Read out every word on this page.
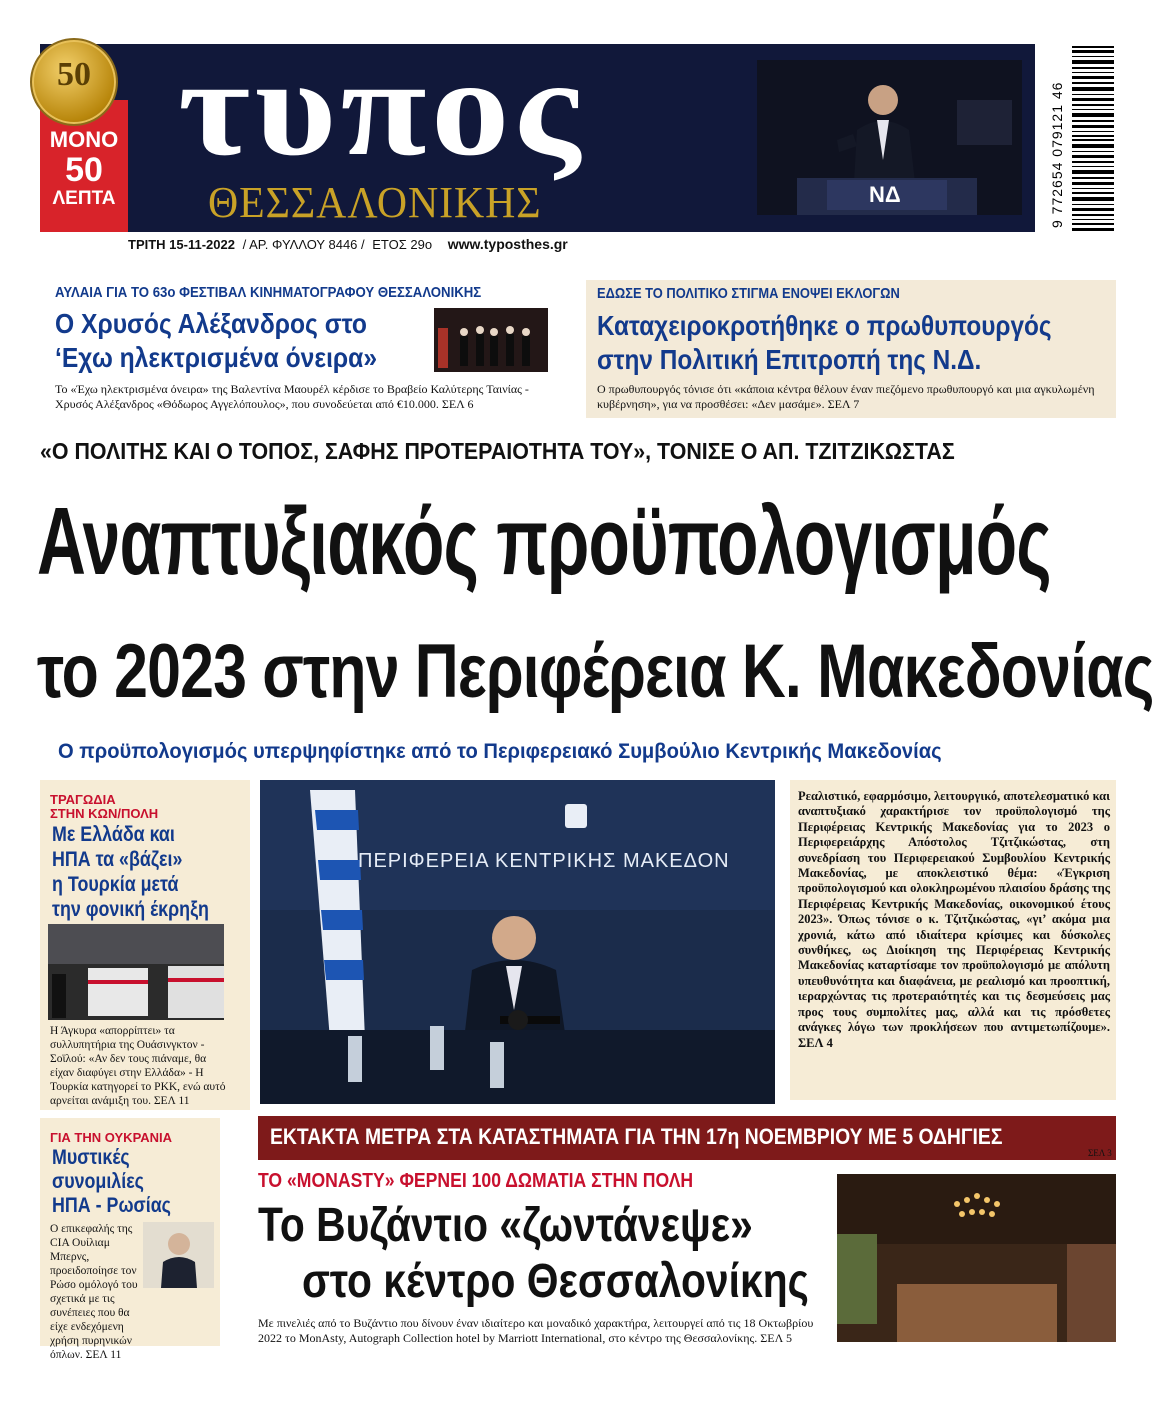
ΜΟΝΟ
50
ΛΕΠΤΑ
50 τυπος
ΘΕΣΣΑΛΟΝΙΚΗΣ	ΝΔ	9 772654 079121 46
ΤΡΙΤΗ 15-11-2022 / ΑΡ. ΦΥΛΛΟΥ 8446 / ΕΤΟΣ 29ο www.typosthes.gr
ΑΥΛΑΙΑ ΓΙΑ ΤΟ 63ο ΦΕΣΤΙΒΑΛ ΚΙΝΗΜΑΤΟΓΡΑΦΟΥ ΘΕΣΣΑΛΟΝΙΚΗΣ
Ο Χρυσός Αλέξανδρος στο
‘Εχω ηλεκτρισμένα όνειρα»
Το «Έχω ηλεκτρισμένα όνειρα» της Βαλεντίνα Μαουρέλ κέρδισε το Βραβείο Καλύτερης Ταινίας - Χρυσός Αλέξανδρος «Θόδωρος Αγγελόπουλος», που συνοδεύεται από €10.000. ΣΕΛ 6
ΕΔΩΣΕ ΤΟ ΠΟΛΙΤΙΚΟ ΣΤΙΓΜΑ ΕΝΟΨΕΙ ΕΚΛΟΓΩΝ
Καταχειροκροτήθηκε ο πρωθυπουργός
στην Πολιτική Επιτροπή της Ν.Δ.
Ο πρωθυπουργός τόνισε ότι «κάποια κέντρα θέλουν έναν πιεζόμενο πρωθυπουργό και μια αγκυλωμένη κυβέρνηση», για να προσθέσει: «Δεν μασάμε». ΣΕΛ 7
«Ο ΠΟΛΙΤΗΣ ΚΑΙ Ο ΤΟΠΟΣ, ΣΑΦΗΣ ΠΡΟΤΕΡΑΙΟΤΗΤΑ ΤΟΥ», ΤΟΝΙΣΕ Ο ΑΠ. ΤΖΙΤΖΙΚΩΣΤΑΣ
Αναπτυξιακός προϋπολογισμός
το 2023 στην Περιφέρεια Κ. Μακεδονίας
Ο προϋπολογισμός υπερψηφίστηκε από το Περιφερειακό Συμβούλιο Κεντρικής Μακεδονίας
ΤΡΑΓΩΔΙΑ
ΣΤΗΝ ΚΩΝ/ΠΟΛΗ
Με Ελλάδα και
ΗΠΑ τα «βάζει»
η Τουρκία μετά
την φονική έκρηξη
Η Άγκυρα «απορρίπτει» τα συλλυπητήρια της Ουάσινγκτον - Σοϊλού: «Αν δεν τους πιάναμε, θα είχαν διαφύγει στην Ελλάδα» - Η Τουρκία κατηγορεί το PKK, ενώ αυτό αρνείται ανάμιξη του. ΣΕΛ 11
ΓΙΑ ΤΗΝ ΟΥΚΡΑΝΙΑ
Μυστικές
συνομιλίες
ΗΠΑ - Ρωσίας
Ο επικεφαλής της CIA Ουίλιαμ Μπερνς, προειδοποίησε τον Ρώσο ομόλογό του σχετικά με τις συνέπειες που θα είχε ενδεχόμενη χρήση πυρηνικών όπλων. ΣΕΛ 11
ΠΕΡΙΦΕΡΕΙΑ ΚΕΝΤΡΙΚΗΣ ΜΑΚΕΔΟΝ
Ρεαλιστικό, εφαρμόσιμο, λειτουργικό, αποτελεσματικό και αναπτυξιακό χαρακτήρισε τον προϋπολογισμό της Περιφέρειας Κεντρικής Μακεδονίας για το 2023 ο Περιφερειάρχης Απόστολος Τζιτζικώστας, στη συνεδρίαση του Περιφερειακού Συμβουλίου Κεντρικής Μακεδονίας, με αποκλειστικό θέμα: «Έγκριση προϋπολογισμού και ολοκληρωμένου πλαισίου δράσης της Περιφέρειας Κεντρικής Μακεδονίας, οικονομικού έτους 2023». Όπως τόνισε ο κ. Τζιτζικώστας, «γι’ ακόμα μια χρονιά, κάτω από ιδιαίτερα κρίσιμες και δύσκολες συνθήκες, ως Διοίκηση της Περιφέρειας Κεντρικής Μακεδονίας καταρτίσαμε τον προϋπολογισμό με απόλυτη υπευθυνότητα και διαφάνεια, με ρεαλισμό και προοπτική, ιεραρχώντας τις προτεραιότητές και τις δεσμεύσεις μας προς τους συμπολίτες μας, αλλά και τις πρόσθετες ανάγκες λόγω των προκλήσεων που αντιμετωπίζουμε». ΣΕΛ 4
ΕΚΤΑΚΤΑ ΜΕΤΡΑ ΣΤΑ ΚΑΤΑΣΤΗΜΑΤΑ ΓΙΑ ΤΗΝ 17η ΝΟΕΜΒΡΙΟΥ ΜΕ 5 ΟΔΗΓΙΕΣ
ΣΕΛ 3
ΤΟ «MONASTY» ΦΕΡΝΕΙ 100 ΔΩΜΑΤΙΑ ΣΤΗΝ ΠΟΛΗ
Το Βυζάντιο «ζωντάνεψε»
στο κέντρο Θεσσαλονίκης
Με πινελιές από το Βυζάντιο που δίνουν έναν ιδιαίτερο και μοναδικό χαρακτήρα, λειτουργεί από τις 18 Οκτωβρίου 2022 το MonAsty, Autograph Collection hotel by Marriott International, στο κέντρο της Θεσσαλονίκης. ΣΕΛ 5
